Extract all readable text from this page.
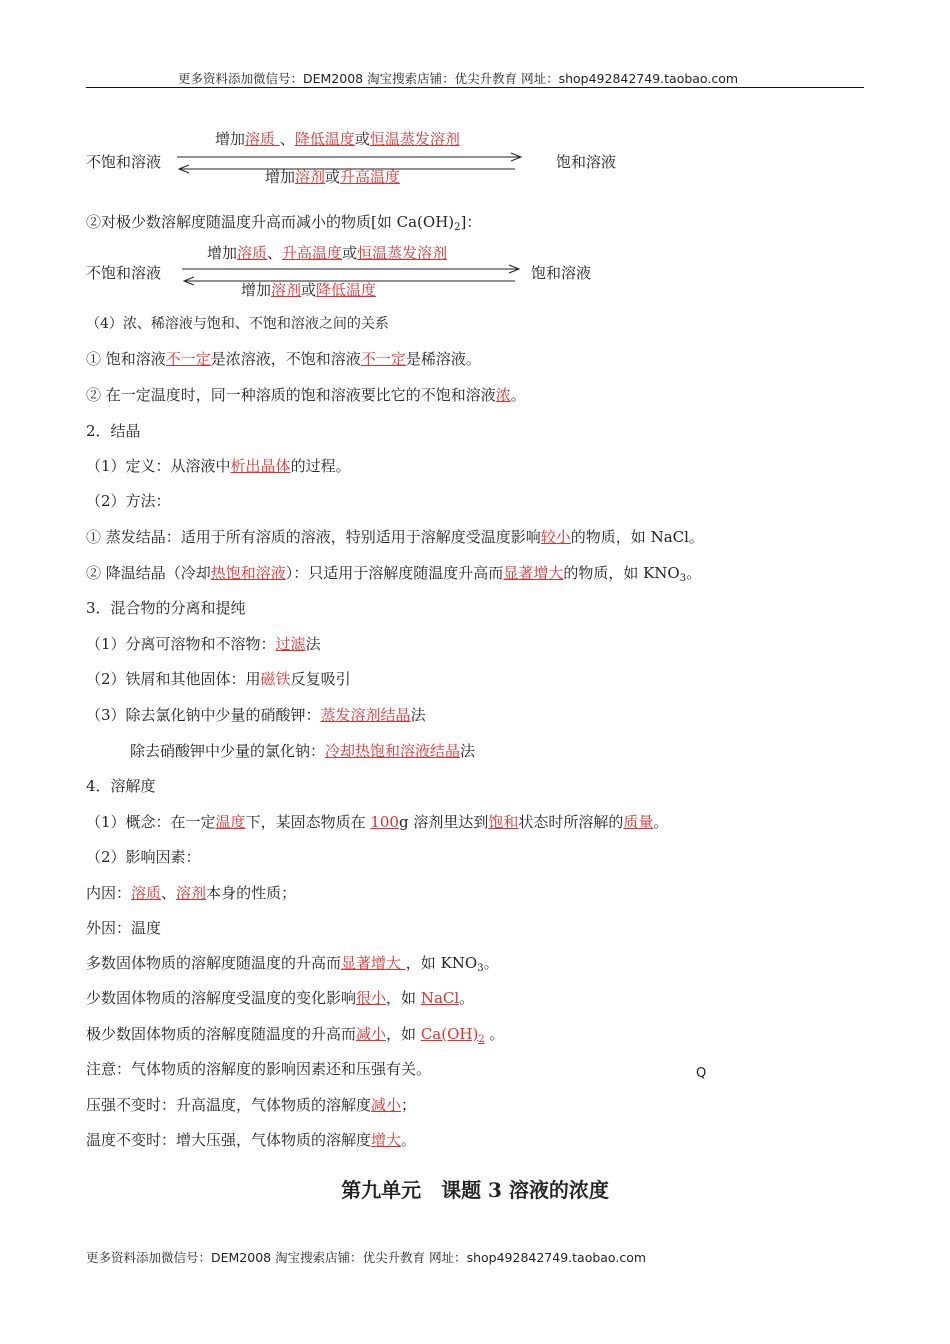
更多资料添加微信号：DEM2008 淘宝搜索店铺：优尖升教育 网址：shop492842749.taobao.com
不饱和溶液	饱和溶液
增加溶质 、降低温度或恒温蒸发溶剂
增加溶剂或升高温度
②对极少数溶解度随温度升高而减小的物质[如 $Ca(OH)_2$]：
不饱和溶液	饱和溶液
增加溶质、升高温度或恒温蒸发溶剂
增加溶剂或降低温度
（4）浓、稀溶液与饱和、不饱和溶液之间的关系
① 饱和溶液不一定是浓溶液，不饱和溶液不一定是稀溶液。
② 在一定温度时，同一种溶质的饱和溶液要比它的不饱和溶液浓。
2．结晶
（1）定义：从溶液中析出晶体的过程。
（2）方法：
① 蒸发结晶：适用于所有溶质的溶液，特别适用于溶解度受温度影响较小的物质，如 NaCl。
② 降温结晶（冷却热饱和溶液）：只适用于溶解度随温度升高而显著增大的物质，如 $KNO_3$。
3．混合物的分离和提纯
（1）分离可溶物和不溶物：过滤法
（2）铁屑和其他固体：用磁铁反复吸引
（3）除去氯化钠中少量的硝酸钾：蒸发溶剂结晶法
除去硝酸钾中少量的氯化钠：冷却热饱和溶液结晶法
4．溶解度
（1）概念：在一定温度下，某固态物质在 100g 溶剂里达到饱和状态时所溶解的质量。
（2）影响因素：
内因：溶质、溶剂本身的性质；
外因：温度
多数固体物质的溶解度随温度的升高而显著增大 ，如 $KNO_3$。
少数固体物质的溶解度受温度的变化影响很小，如 NaCl。
极少数固体物质的溶解度随温度的升高而减小，如 $Ca(OH)_2$ 。
注意：气体物质的溶解度的影响因素还和压强有关。	Q
压强不变时：升高温度，气体物质的溶解度减小；
温度不变时：增大压强，气体物质的溶解度增大。
第九单元　课题 3 溶液的浓度
更多资料添加微信号：DEM2008 淘宝搜索店铺：优尖升教育 网址：shop492842749.taobao.com
